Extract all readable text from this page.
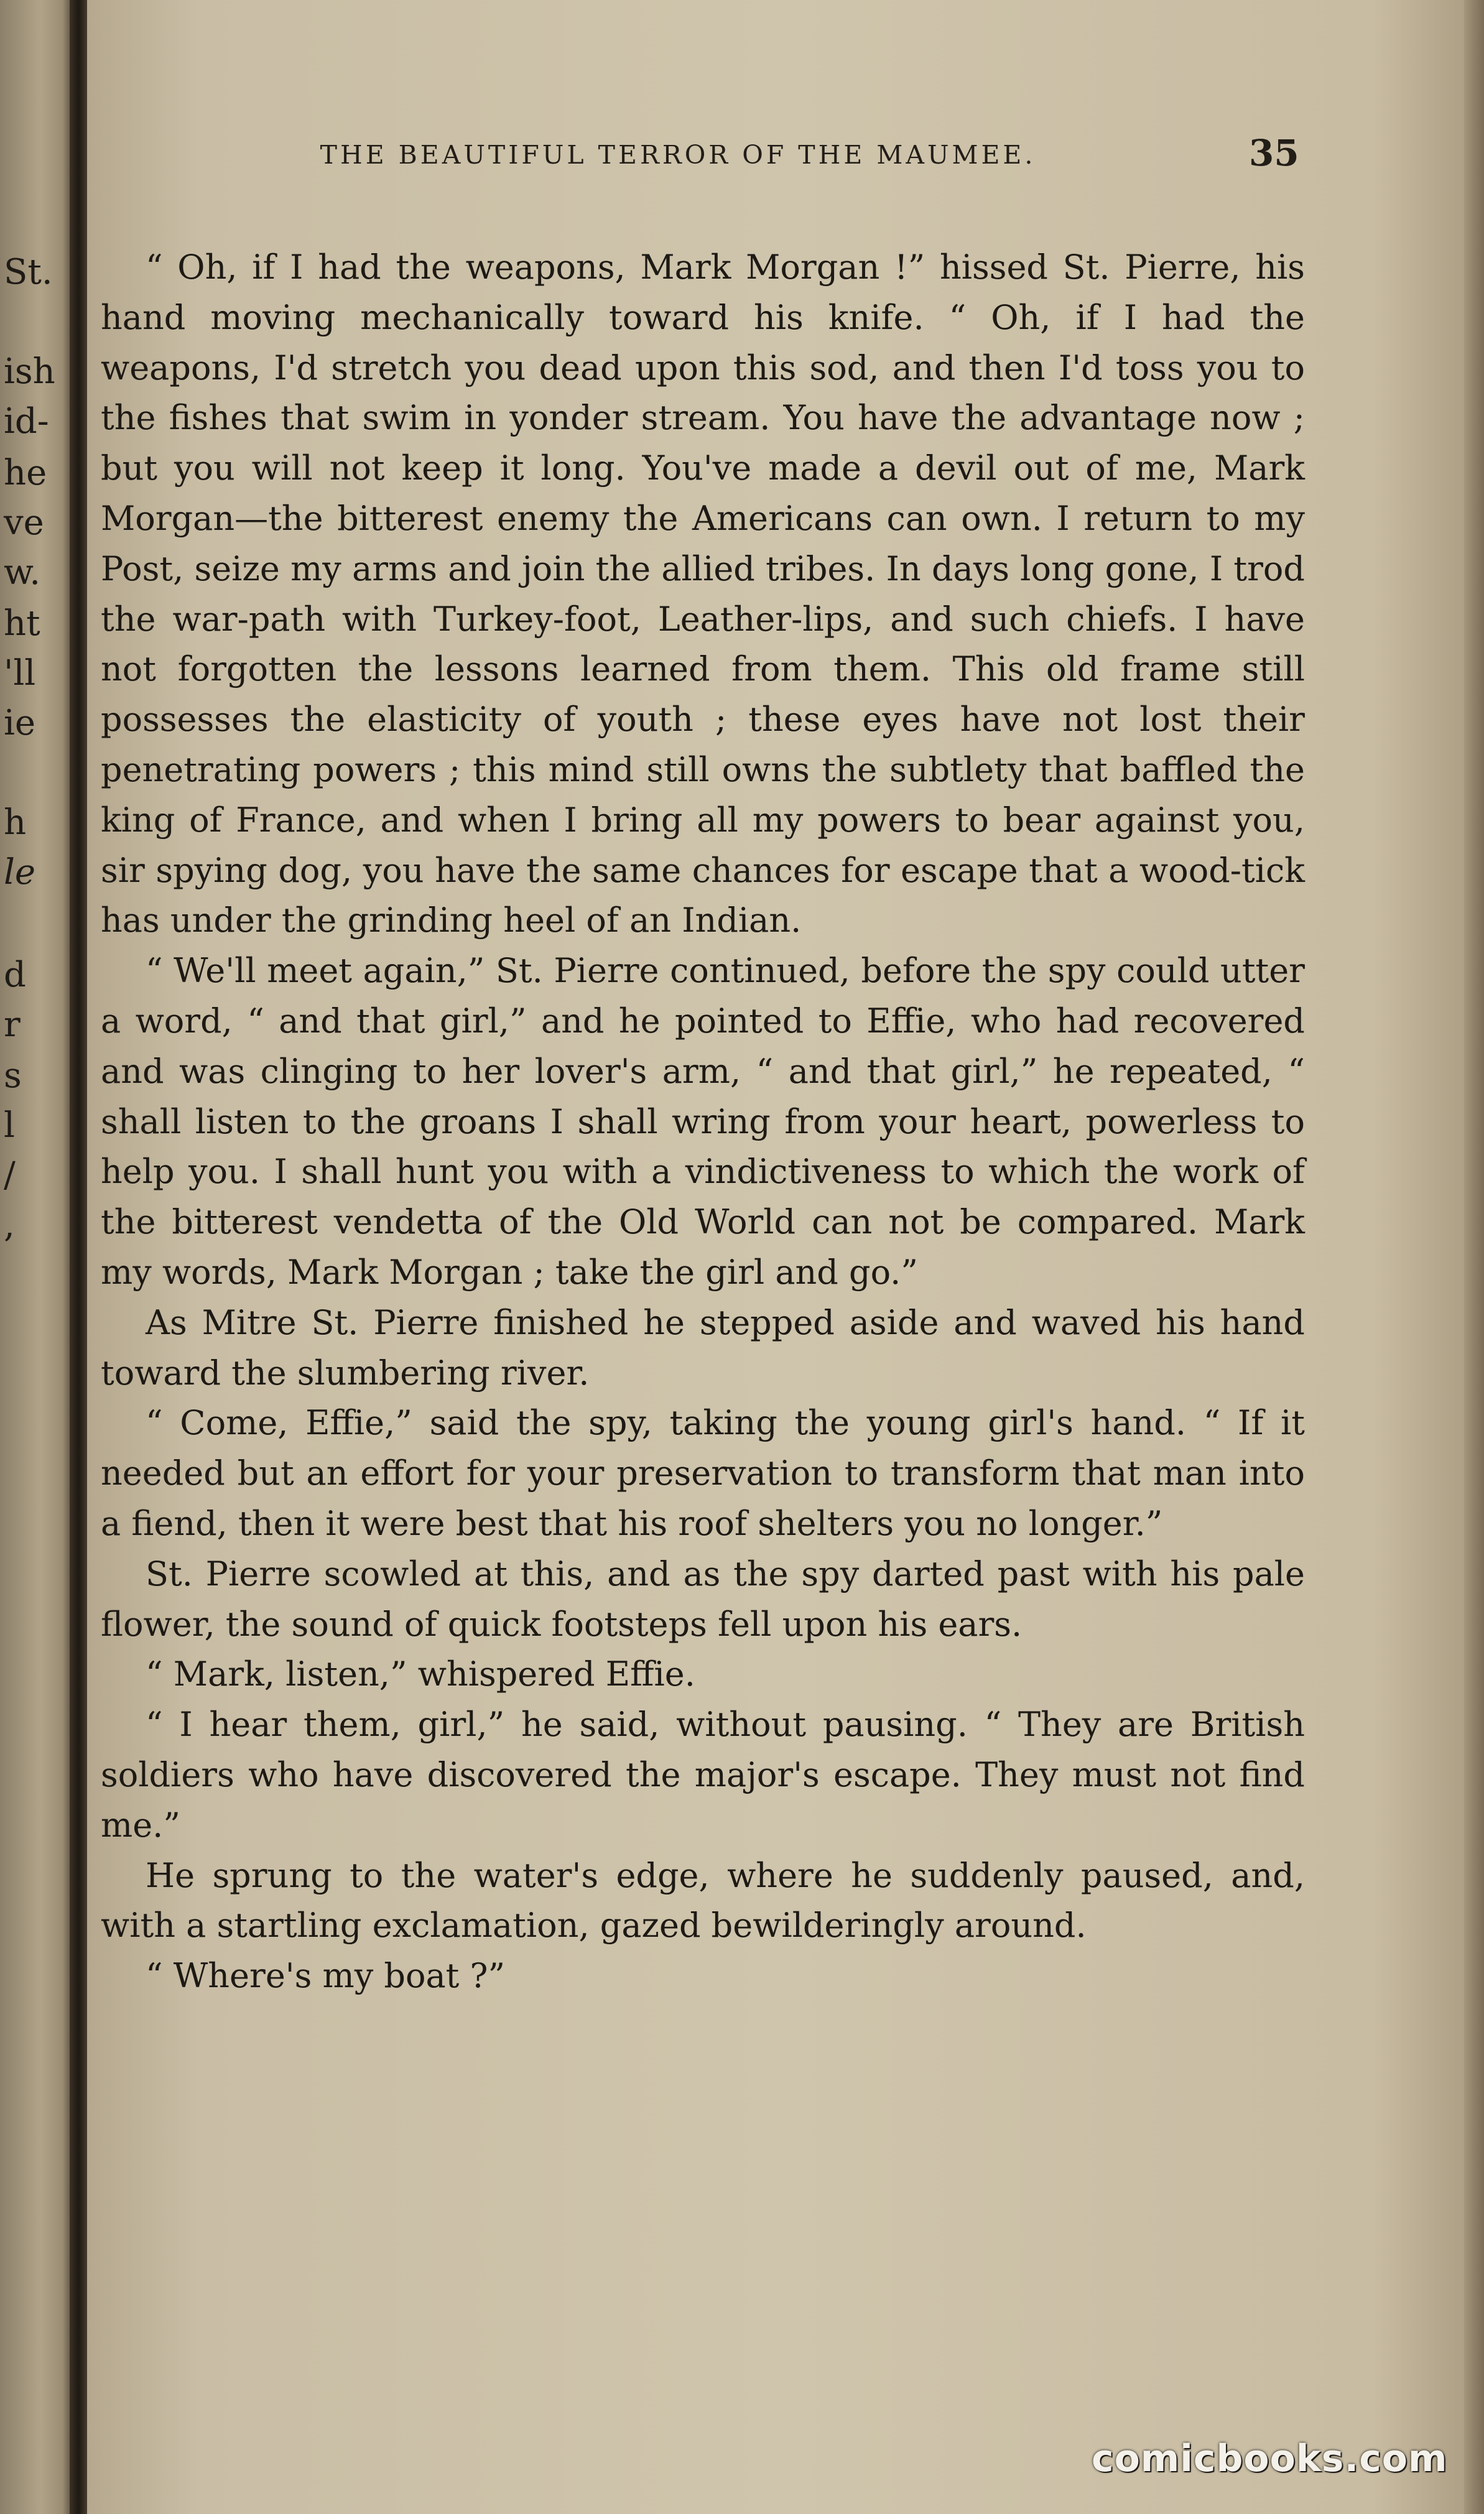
St.
ish
id-
he
ve
w.
ht
'll
ie
h
le
d
r
s
l
/
,
THE BEAUTIFUL TERROR OF THE MAUMEE.	35

“ Oh, if I had the weapons, Mark Morgan !” hissed St. Pierre, his hand moving mechanically toward his knife. “ Oh, if I had the weapons, I'd stretch you dead upon this sod, and then I'd toss you to the fishes that swim in yonder stream. You have the advantage now ; but you will not keep it long. You've made a devil out of me, Mark Morgan—the bitterest enemy the Americans can own. I return to my Post, seize my arms and join the allied tribes. In days long gone, I trod the war-path with Turkey-foot, Leather-lips, and such chiefs. I have not forgotten the lessons learned from them. This old frame still possesses the elasticity of youth ; these eyes have not lost their penetrating powers ; this mind still owns the subtlety that baffled the king of France, and when I bring all my powers to bear against you, sir spying dog, you have the same chances for escape that a wood-tick has under the grinding heel of an Indian.

“ We'll meet again,” St. Pierre continued, before the spy could utter a word, “ and that girl,” and he pointed to Effie, who had recovered and was clinging to her lover's arm, “ and that girl,” he repeated, “ shall listen to the groans I shall wring from your heart, powerless to help you. I shall hunt you with a vindictiveness to which the work of the bitterest vendetta of the Old World can not be compared. Mark my words, Mark Morgan ; take the girl and go.”

As Mitre St. Pierre finished he stepped aside and waved his hand toward the slumbering river.

“ Come, Effie,” said the spy, taking the young girl's hand. “ If it needed but an effort for your preservation to transform that man into a fiend, then it were best that his roof shelters you no longer.”

St. Pierre scowled at this, and as the spy darted past with his pale flower, the sound of quick footsteps fell upon his ears.

“ Mark, listen,” whispered Effie.

“ I hear them, girl,” he said, without pausing. “ They are British soldiers who have discovered the major's escape. They must not find me.”

He sprung to the water's edge, where he suddenly paused, and, with a startling exclamation, gazed bewilderingly around.

“ Where's my boat ?”

comicbooks.com
